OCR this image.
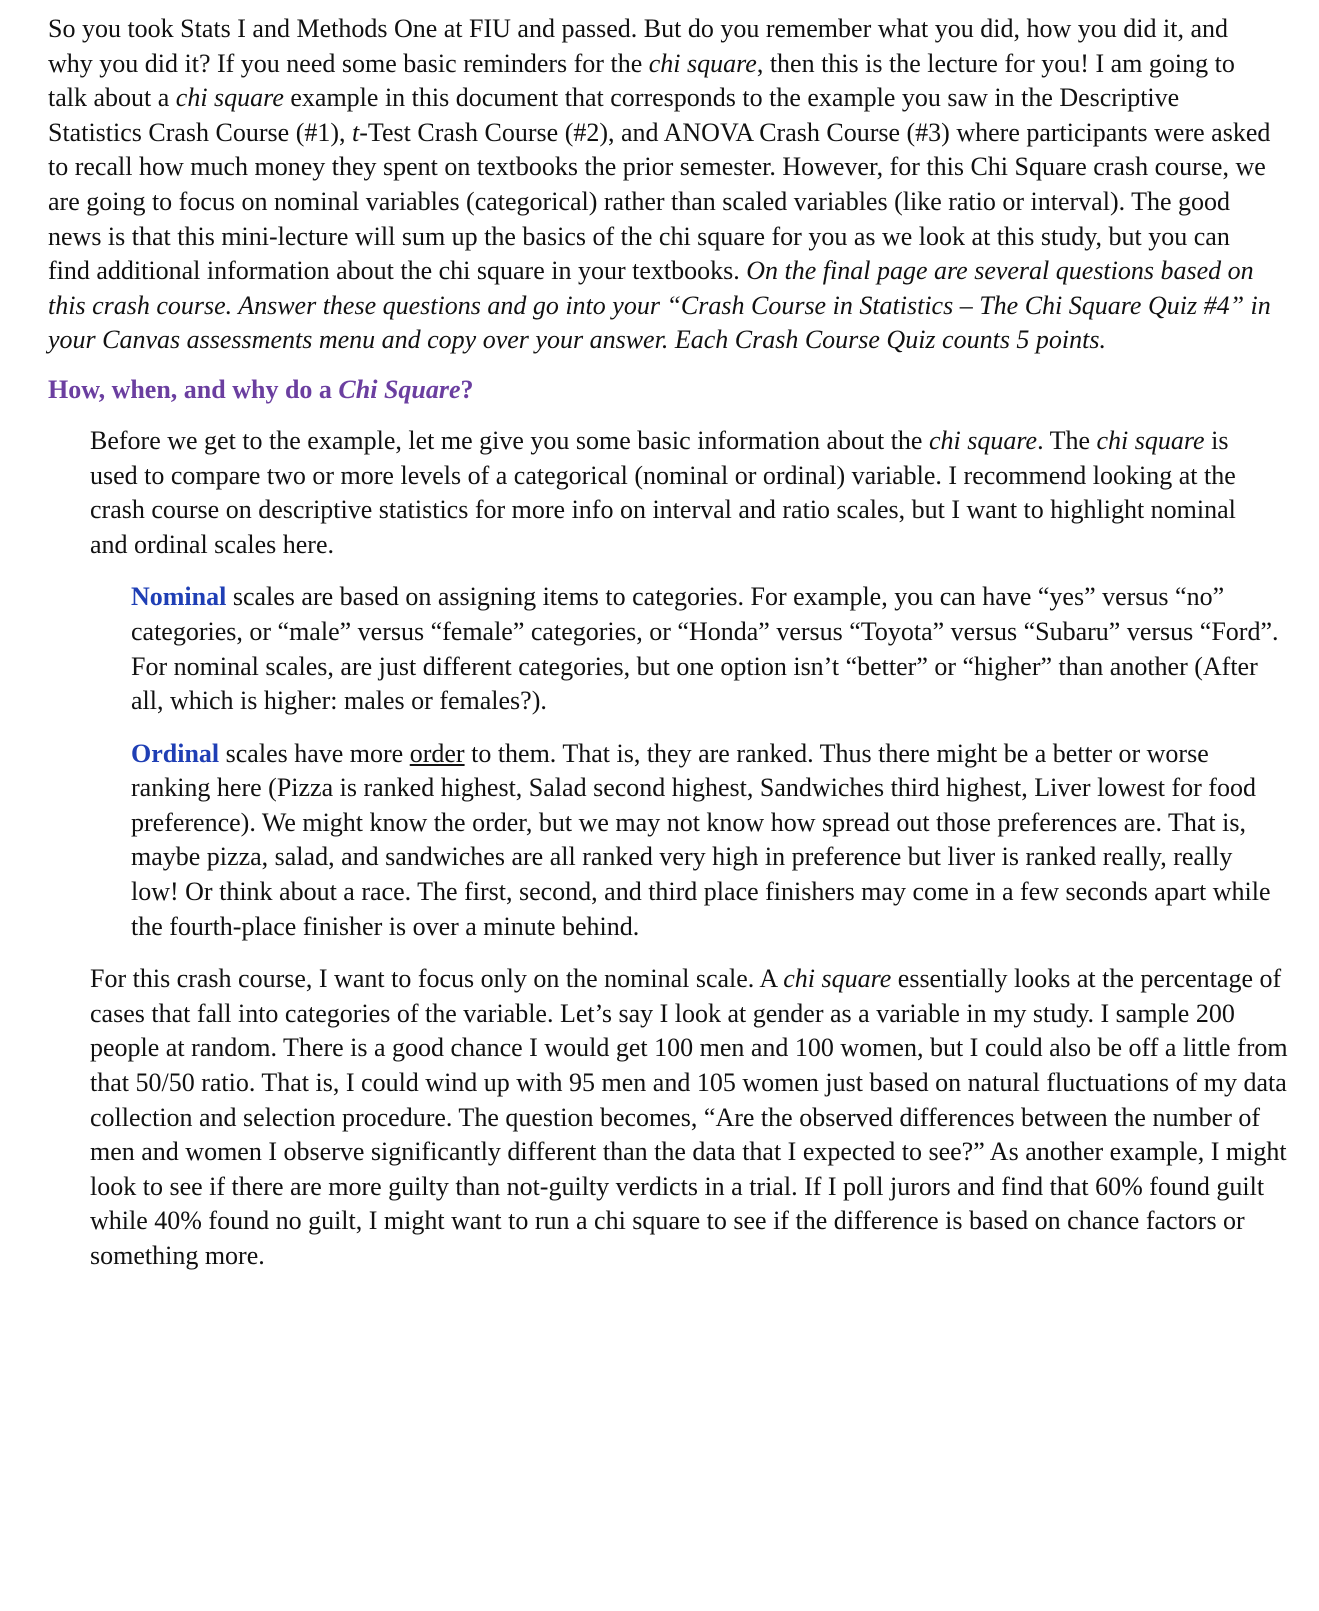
So you took Stats I and Methods One at FIU and passed. But do you remember what you did, how you did it, and why you did it? If you need some basic reminders for the chi square, then this is the lecture for you! I am going to talk about a chi square example in this document that corresponds to the example you saw in the Descriptive Statistics Crash Course (#1), t-Test Crash Course (#2), and ANOVA Crash Course (#3) where participants were asked to recall how much money they spent on textbooks the prior semester. However, for this Chi Square crash course, we are going to focus on nominal variables (categorical) rather than scaled variables (like ratio or interval). The good news is that this mini-lecture will sum up the basics of the chi square for you as we look at this study, but you can find additional information about the chi square in your textbooks. On the final page are several questions based on this crash course. Answer these questions and go into your “Crash Course in Statistics – The Chi Square Quiz #4” in your Canvas assessments menu and copy over your answer. Each Crash Course Quiz counts 5 points.

How, when, and why do a Chi Square?

Before we get to the example, let me give you some basic information about the chi square. The chi square is used to compare two or more levels of a categorical (nominal or ordinal) variable. I recommend looking at the crash course on descriptive statistics for more info on interval and ratio scales, but I want to highlight nominal and ordinal scales here.

Nominal scales are based on assigning items to categories. For example, you can have “yes” versus “no” categories, or “male” versus “female” categories, or “Honda” versus “Toyota” versus “Subaru” versus “Ford”. For nominal scales, are just different categories, but one option isn’t “better” or “higher” than another (After all, which is higher: males or females?).

Ordinal scales have more order to them. That is, they are ranked. Thus there might be a better or worse ranking here (Pizza is ranked highest, Salad second highest, Sandwiches third highest, Liver lowest for food preference). We might know the order, but we may not know how spread out those preferences are. That is, maybe pizza, salad, and sandwiches are all ranked very high in preference but liver is ranked really, really low! Or think about a race. The first, second, and third place finishers may come in a few seconds apart while the fourth-place finisher is over a minute behind.

For this crash course, I want to focus only on the nominal scale. A chi square essentially looks at the percentage of cases that fall into categories of the variable. Let’s say I look at gender as a variable in my study. I sample 200 people at random. There is a good chance I would get 100 men and 100 women, but I could also be off a little from that 50/50 ratio. That is, I could wind up with 95 men and 105 women just based on natural fluctuations of my data collection and selection procedure. The question becomes, “Are the observed differences between the number of men and women I observe significantly different than the data that I expected to see?” As another example, I might look to see if there are more guilty than not-guilty verdicts in a trial. If I poll jurors and find that 60% found guilt while 40% found no guilt, I might want to run a chi square to see if the difference is based on chance factors or something more.
